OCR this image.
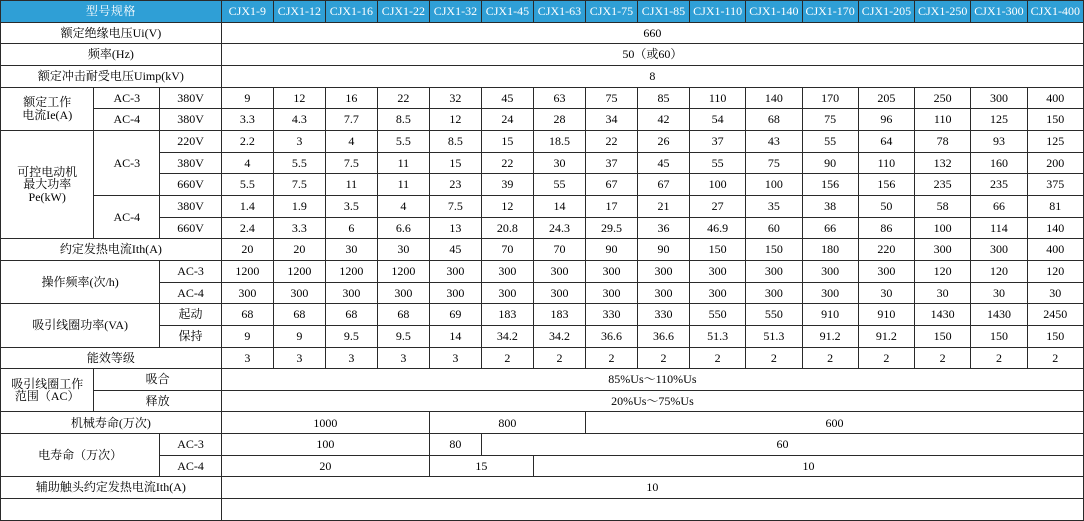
型号规格			CJX1-9	CJX1-12	CJX1-16	CJX1-22	CJX1-32	CJX1-45	CJX1-63	CJX1-75	CJX1-85	CJX1-110	CJX1-140	CJX1-170	CJX1-205	CJX1-250	CJX1-300	CJX1-400
额定绝缘电压Ui(V)			660															
频率(Hz)			50（或60）															
额定冲击耐受电压Uimp(kV)			8															

额定工作
电流Ie(A)	AC-3	380V	9	12	16	22	32	45	63	75	85	110	140	170	205	250	300	400
	AC-4	380V	3.3	4.3	7.7	8.5	12	24	28	34	42	54	68	75	96	110	125	150

可控电动机
最大功率
Pe(kW)	AC-3	220V	2.2	3	4	5.5	8.5	15	18.5	22	26	37	43	55	64	78	93	125
		380V	4	5.5	7.5	11	15	22	30	37	45	55	75	90	110	132	160	200
		660V	5.5	7.5	11	11	23	39	55	67	67	100	100	156	156	235	235	375
	AC-4	380V	1.4	1.9	3.5	4	7.5	12	14	17	21	27	35	38	50	58	66	81
		660V	2.4	3.3	6	6.6	13	20.8	24.3	29.5	36	46.9	60	66	86	100	114	140
约定发热电流Ith(A)			20	20	30	30	45	70	70	90	90	150	150	180	220	300	300	400
操作频率(次/h)		AC-3	1200	1200	1200	1200	300	300	300	300	300	300	300	300	300	120	120	120
		AC-4	300	300	300	300	300	300	300	300	300	300	300	300	30	30	30	30
吸引线圈功率(VA)		起动	68	68	68	68	69	183	183	330	330	550	550	910	910	1430	1430	2450
		保持	9	9	9.5	9.5	14	34.2	34.2	36.6	36.6	51.3	51.3	91.2	91.2	150	150	150
能效等级			3	3	3	3	3	2	2	2	2	2	2	2	2	2	2	2

吸引线圈工作
范围（AC）	吸合		85%Us～110%Us															
	释放		20%Us～75%Us															
机械寿命(万次)			1000				800			600								
电寿命（万次）		AC-3	100				80	60										
		AC-4	20				15		10									
辅助触头约定发热电流Ith(A)			10															
